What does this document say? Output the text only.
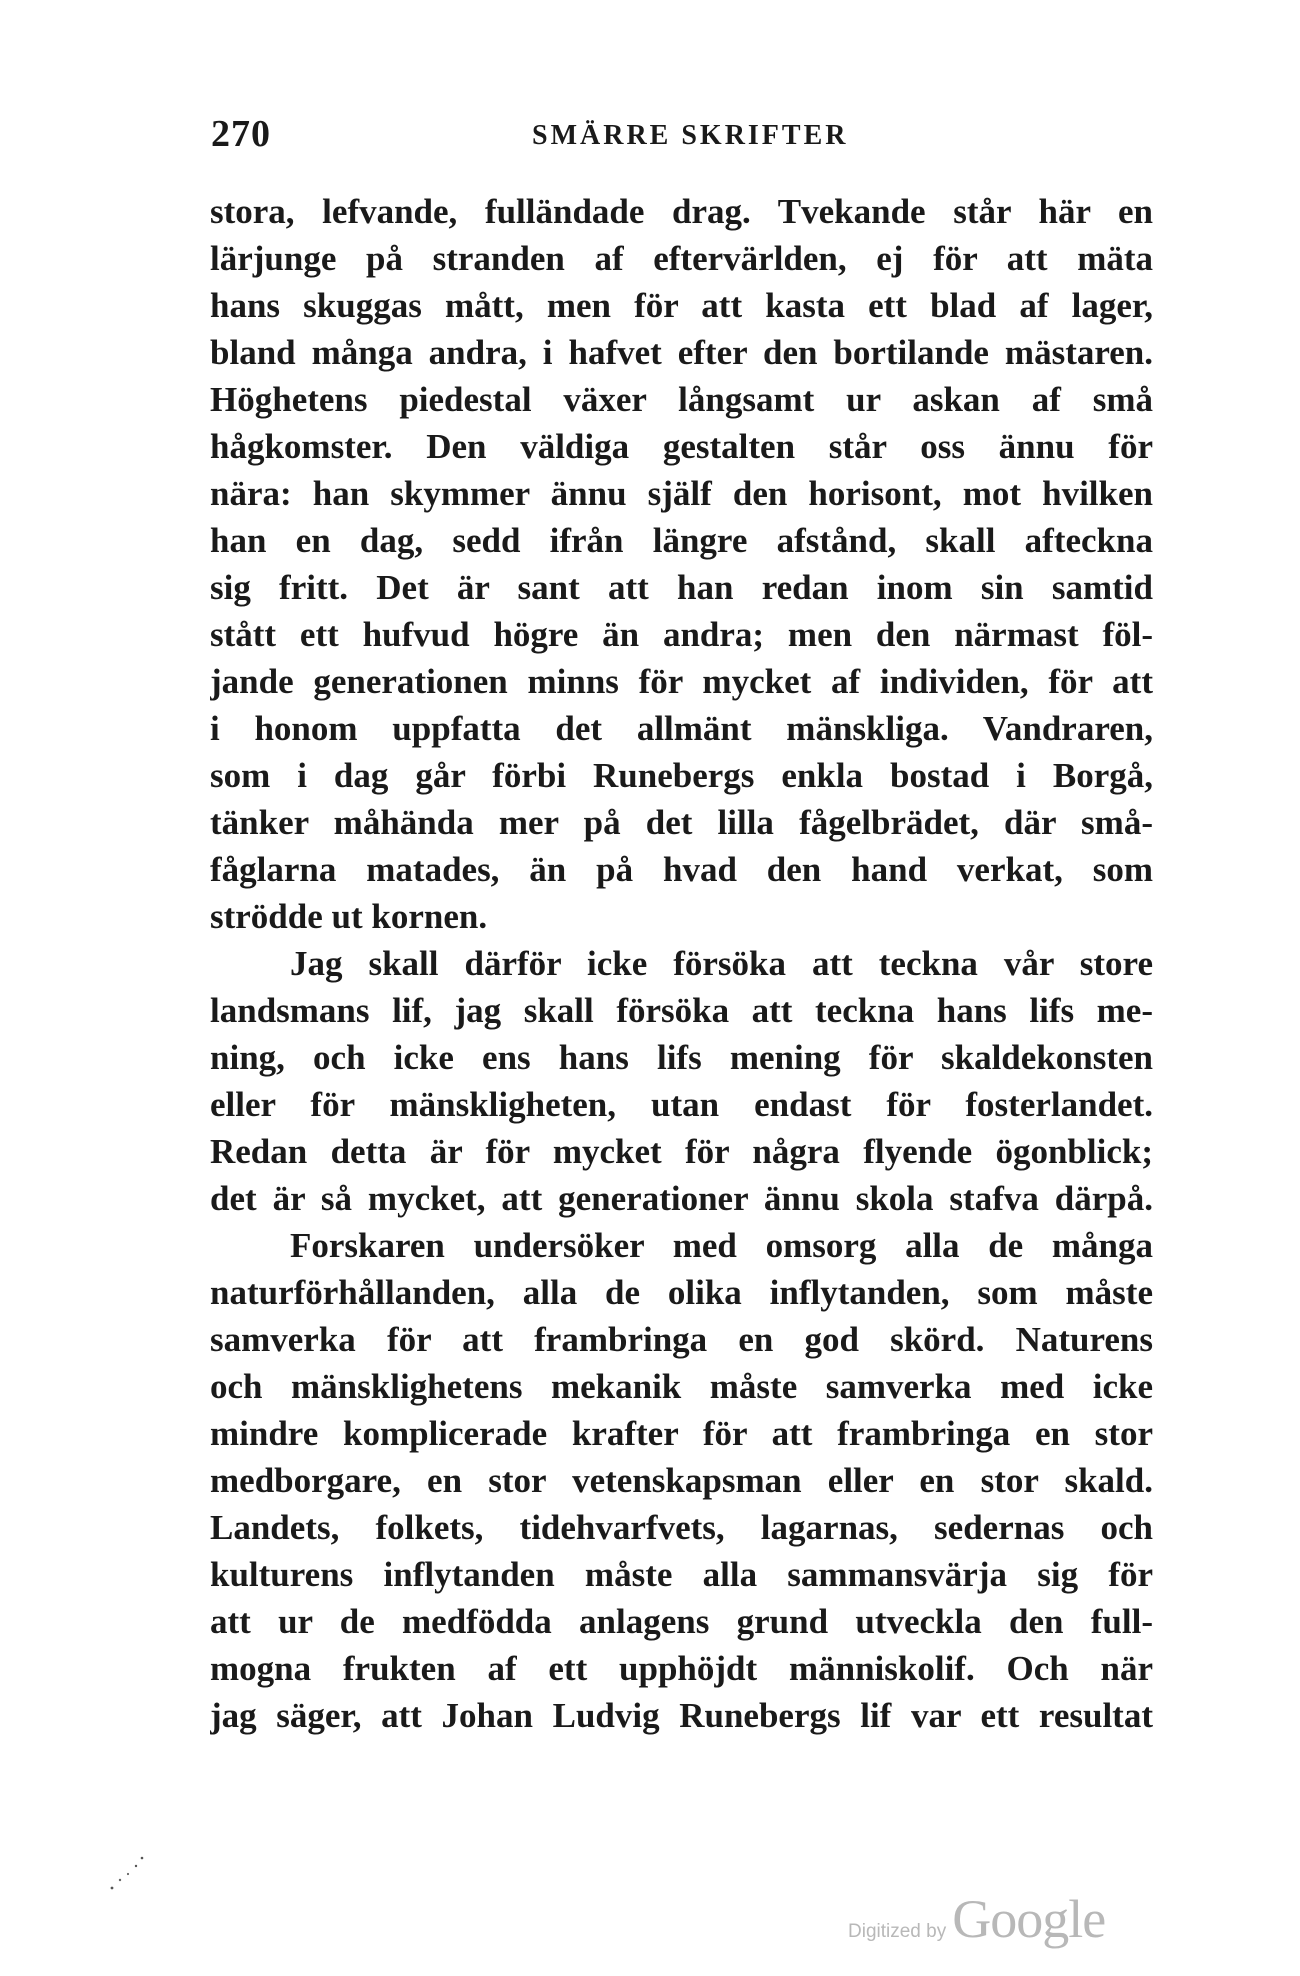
270	SMÄRRE SKRIFTER
stora, lefvande, fulländade drag. Tvekande står här en
lärjunge på stranden af eftervärlden, ej för att mäta
hans skuggas mått, men för att kasta ett blad af lager,
bland många andra, i hafvet efter den bortilande mästaren.
Höghetens piedestal växer långsamt ur askan af små
hågkomster. Den väldiga gestalten står oss ännu för
nära: han skymmer ännu själf den horisont, mot hvilken
han en dag, sedd ifrån längre afstånd, skall afteckna
sig fritt. Det är sant att han redan inom sin samtid
stått ett hufvud högre än andra; men den närmast föl-
jande generationen minns för mycket af individen, för att
i honom uppfatta det allmänt mänskliga. Vandraren,
som i dag går förbi Runebergs enkla bostad i Borgå,
tänker måhända mer på det lilla fågelbrädet, där små-
fåglarna matades, än på hvad den hand verkat, som
strödde ut kornen.
Jag skall därför icke försöka att teckna vår store
landsmans lif, jag skall försöka att teckna hans lifs me-
ning, och icke ens hans lifs mening för skaldekonsten
eller för mänskligheten, utan endast för fosterlandet.
Redan detta är för mycket för några flyende ögonblick;
det är så mycket, att generationer ännu skola stafva därpå.
Forskaren undersöker med omsorg alla de många
naturförhållanden, alla de olika inflytanden, som måste
samverka för att frambringa en god skörd. Naturens
och mänsklighetens mekanik måste samverka med icke
mindre komplicerade krafter för att frambringa en stor
medborgare, en stor vetenskapsman eller en stor skald.
Landets, folkets, tidehvarfvets, lagarnas, sedernas och
kulturens inflytanden måste alla sammansvärja sig för
att ur de medfödda anlagens grund utveckla den full-
mogna frukten af ett upphöjdt människolif. Och när
jag säger, att Johan Ludvig Runebergs lif var ett resultat
Digitized by Google
